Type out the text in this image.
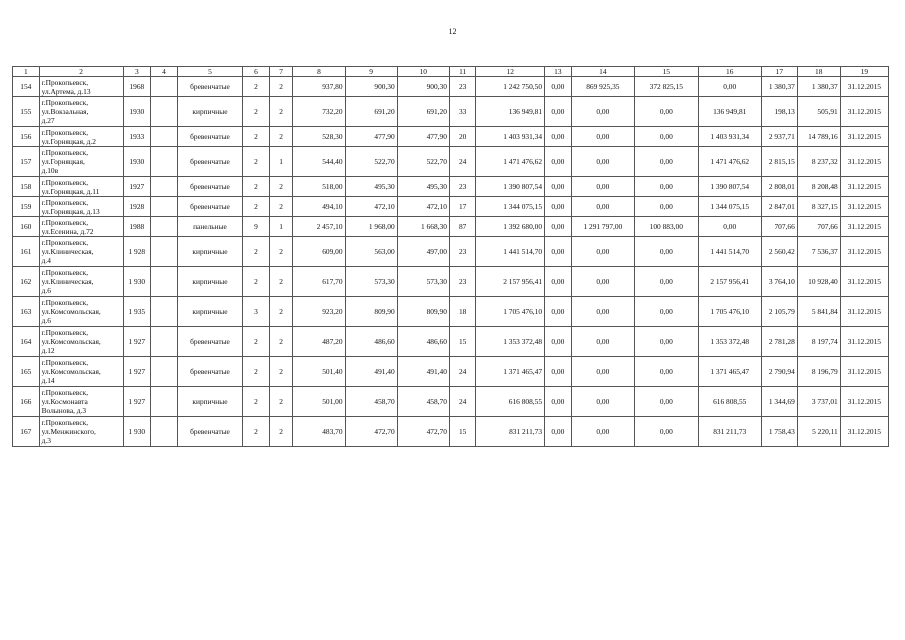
12
1	2	3	4	5	6	7	8	9	10	11	12	13	14	15	16	17	18	19
154	г.Прокопьевск,
ул.Артема, д.13	1968		бревенчатые	2	2	937,80	900,30	900,30	23	1 242 750,50	0,00	869 925,35	372 825,15	0,00	1 380,37	1 380,37	31.12.2015
155	г.Прокопьевск,
ул.Вокзальная,
д.27	1930		кирпичные	2	2	732,20	691,20	691,20	33	136 949,81	0,00	0,00	0,00	136 949,81	198,13	505,91	31.12.2015
156	г.Прокопьевск,
ул.Горняцкая, д.2	1933		бревенчатые	2	2	528,30	477,90	477,90	20	1 403 931,34	0,00	0,00	0,00	1 403 931,34	2 937,71	14 789,16	31.12.2015
157	г.Прокопьевск,
ул.Горняцкая,
д.10в	1930		бревенчатые	2	1	544,40	522,70	522,70	24	1 471 476,62	0,00	0,00	0,00	1 471 476,62	2 815,15	8 237,32	31.12.2015
158	г.Прокопьевск,
ул.Горняцкая, д.11	1927		бревенчатые	2	2	518,00	495,30	495,30	23	1 390 807,54	0,00	0,00	0,00	1 390 807,54	2 808,01	8 208,48	31.12.2015
159	г.Прокопьевск,
ул.Горняцкая, д.13	1928		бревенчатые	2	2	494,10	472,10	472,10	17	1 344 075,15	0,00	0,00	0,00	1 344 075,15	2 847,01	8 327,15	31.12.2015
160	г.Прокопьевск,
ул.Есенина, д.72	1988		панельные	9	1	2 457,10	1 968,00	1 668,30	87	1 392 680,00	0,00	1 291 797,00	100 883,00	0,00	707,66	707,66	31.12.2015
161	г.Прокопьевск,
ул.Клиническая,
д.4	1 928		кирпичные	2	2	609,00	563,00	497,00	23	1 441 514,70	0,00	0,00	0,00	1 441 514,70	2 560,42	7 536,37	31.12.2015
162	г.Прокопьевск,
ул.Клиническая,
д.6	1 930		кирпичные	2	2	617,70	573,30	573,30	23	2 157 956,41	0,00	0,00	0,00	2 157 956,41	3 764,10	10 928,40	31.12.2015
163	г.Прокопьевск,
ул.Комсомольская,
д.6	1 935		кирпичные	3	2	923,20	809,90	809,90	18	1 705 476,10	0,00	0,00	0,00	1 705 476,10	2 105,79	5 841,84	31.12.2015
164	г.Прокопьевск,
ул.Комсомольская,
д.12	1 927		бревенчатые	2	2	487,20	486,60	486,60	15	1 353 372,48	0,00	0,00	0,00	1 353 372,48	2 781,28	8 197,74	31.12.2015
165	г.Прокопьевск,
ул.Комсомольская,
д.14	1 927		бревенчатые	2	2	501,40	491,40	491,40	24	1 371 465,47	0,00	0,00	0,00	1 371 465,47	2 790,94	8 196,79	31.12.2015
166	г.Прокопьевск,
ул.Космонавта
Волынова, д.3	1 927		кирпичные	2	2	501,00	458,70	458,70	24	616 808,55	0,00	0,00	0,00	616 808,55	1 344,69	3 737,01	31.12.2015
167	г.Прокопьевск,
ул.Менжинского,
д.3	1 930		бревенчатые	2	2	483,70	472,70	472,70	15	831 211,73	0,00	0,00	0,00	831 211,73	1 758,43	5 220,11	31.12.2015
